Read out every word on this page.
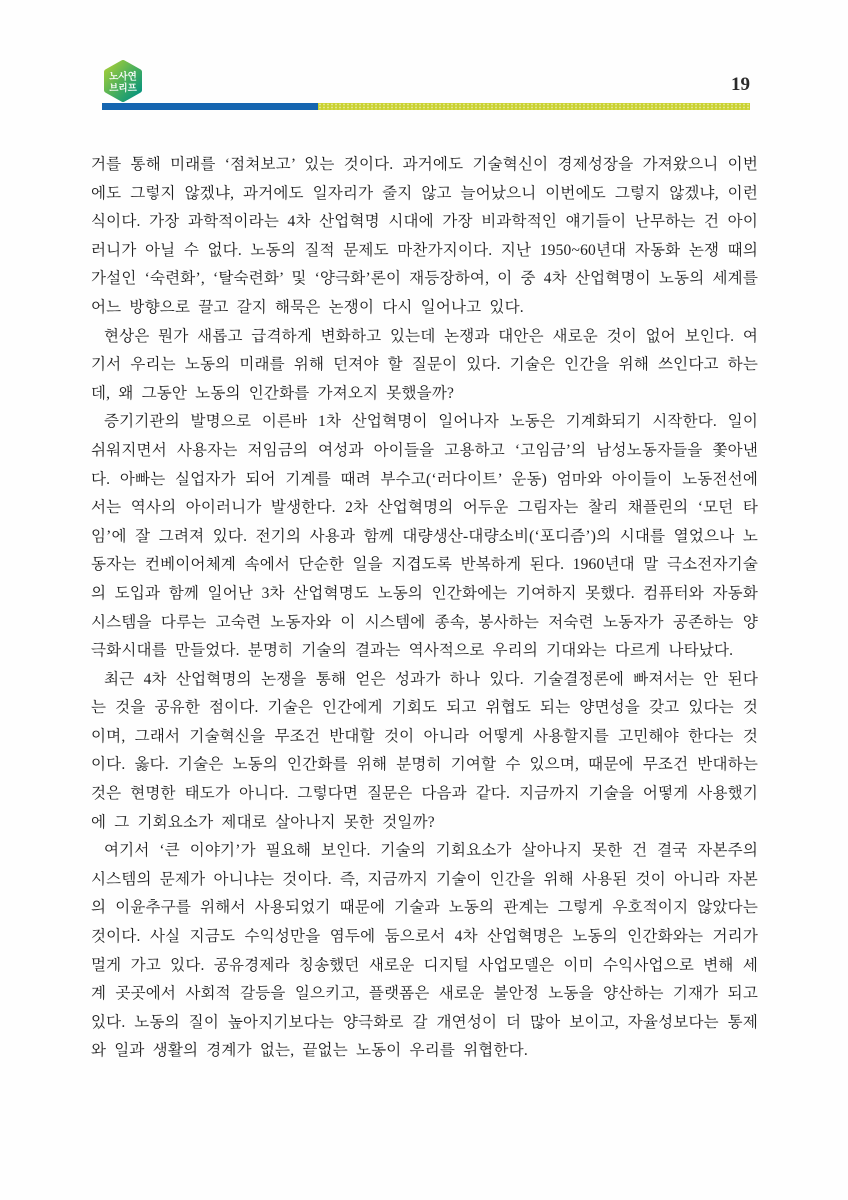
노사연
브리프	19

거를 통해 미래를 ‘점쳐보고’ 있는 것이다. 과거에도 기술혁신이 경제성장을 가져왔으니 이번에도 그렇지 않겠냐, 과거에도 일자리가 줄지 않고 늘어났으니 이번에도 그렇지 않겠냐, 이런 식이다. 가장 과학적이라는 4차 산업혁명 시대에 가장 비과학적인 얘기들이 난무하는 건 아이러니가 아닐 수 없다. 노동의 질적 문제도 마찬가지이다. 지난 1950~60년대 자동화 논쟁 때의 가설인 ‘숙련화’, ‘탈숙련화’ 및 ‘양극화’론이 재등장하여, 이 중 4차 산업혁명이 노동의 세계를 어느 방향으로 끌고 갈지 해묵은 논쟁이 다시 일어나고 있다.

현상은 뭔가 새롭고 급격하게 변화하고 있는데 논쟁과 대안은 새로운 것이 없어 보인다. 여기서 우리는 노동의 미래를 위해 던져야 할 질문이 있다. 기술은 인간을 위해 쓰인다고 하는데, 왜 그동안 노동의 인간화를 가져오지 못했을까?

증기기관의 발명으로 이른바 1차 산업혁명이 일어나자 노동은 기계화되기 시작한다. 일이 쉬워지면서 사용자는 저임금의 여성과 아이들을 고용하고 ‘고임금’의 남성노동자들을 쫓아낸다. 아빠는 실업자가 되어 기계를 때려 부수고(‘러다이트’ 운동) 엄마와 아이들이 노동전선에 서는 역사의 아이러니가 발생한다. 2차 산업혁명의 어두운 그림자는 찰리 채플린의 ‘모던 타임’에 잘 그려져 있다. 전기의 사용과 함께 대량생산-대량소비(‘포디즘’)의 시대를 열었으나 노동자는 컨베이어체계 속에서 단순한 일을 지겹도록 반복하게 된다. 1960년대 말 극소전자기술의 도입과 함께 일어난 3차 산업혁명도 노동의 인간화에는 기여하지 못했다. 컴퓨터와 자동화시스템을 다루는 고숙련 노동자와 이 시스템에 종속, 봉사하는 저숙련 노동자가 공존하는 양극화시대를 만들었다. 분명히 기술의 결과는 역사적으로 우리의 기대와는 다르게 나타났다.

최근 4차 산업혁명의 논쟁을 통해 얻은 성과가 하나 있다. 기술결정론에 빠져서는 안 된다는 것을 공유한 점이다. 기술은 인간에게 기회도 되고 위협도 되는 양면성을 갖고 있다는 것이며, 그래서 기술혁신을 무조건 반대할 것이 아니라 어떻게 사용할지를 고민해야 한다는 것이다. 옳다. 기술은 노동의 인간화를 위해 분명히 기여할 수 있으며, 때문에 무조건 반대하는 것은 현명한 태도가 아니다. 그렇다면 질문은 다음과 같다. 지금까지 기술을 어떻게 사용했기에 그 기회요소가 제대로 살아나지 못한 것일까?

여기서 ‘큰 이야기’가 필요해 보인다. 기술의 기회요소가 살아나지 못한 건 결국 자본주의 시스템의 문제가 아니냐는 것이다. 즉, 지금까지 기술이 인간을 위해 사용된 것이 아니라 자본의 이윤추구를 위해서 사용되었기 때문에 기술과 노동의 관계는 그렇게 우호적이지 않았다는 것이다. 사실 지금도 수익성만을 염두에 둠으로서 4차 산업혁명은 노동의 인간화와는 거리가 멀게 가고 있다. 공유경제라 칭송했던 새로운 디지털 사업모델은 이미 수익사업으로 변해 세계 곳곳에서 사회적 갈등을 일으키고, 플랫폼은 새로운 불안정 노동을 양산하는 기재가 되고 있다. 노동의 질이 높아지기보다는 양극화로 갈 개연성이 더 많아 보이고, 자율성보다는 통제와 일과 생활의 경계가 없는, 끝없는 노동이 우리를 위협한다.
